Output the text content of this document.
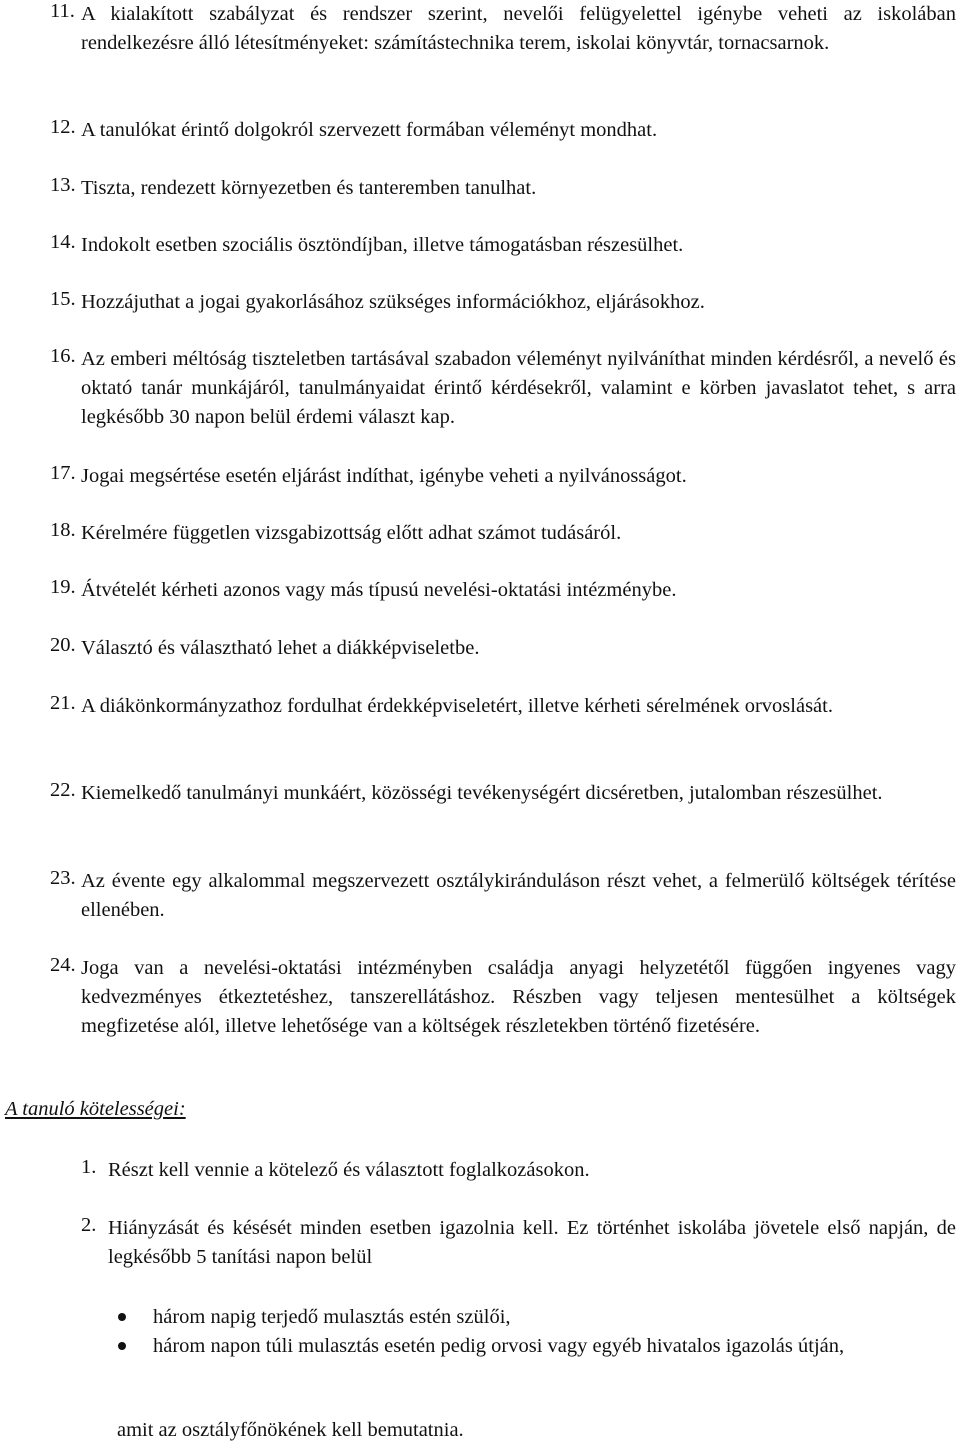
11. A kialakított szabályzat és rendszer szerint, nevelői felügyelettel igénybe veheti az iskolában rendelkezésre álló létesítményeket: számítástechnika terem, iskolai könyvtár, tornacsarnok.
12. A tanulókat érintő dolgokról szervezett formában véleményt mondhat.
13. Tiszta, rendezett környezetben és tanteremben tanulhat.
14. Indokolt esetben szociális ösztöndíjban, illetve támogatásban részesülhet.
15. Hozzájuthat a jogai gyakorlásához szükséges információkhoz, eljárásokhoz.
16. Az emberi méltóság tiszteletben tartásával szabadon véleményt nyilváníthat minden kérdésről, a nevelő és oktató tanár munkájáról, tanulmányaidat érintő kérdésekről, valamint e körben javaslatot tehet, s arra legkésőbb 30 napon belül érdemi választ kap.
17. Jogai megsértése esetén eljárást indíthat, igénybe veheti a nyilvánosságot.
18. Kérelmére független vizsgabizottság előtt adhat számot tudásáról.
19. Átvételét kérheti azonos vagy más típusú nevelési-oktatási intézménybe.
20. Választó és választható lehet a diákképviseletbe.
21. A diákönkormányzathoz fordulhat érdekképviseletért, illetve kérheti sérelmének orvoslását.
22. Kiemelkedő tanulmányi munkáért, közösségi tevékenységért dicséretben, jutalomban részesülhet.
23. Az évente egy alkalommal megszervezett osztálykiránduláson részt vehet, a felmerülő költségek térítése ellenében.
24. Joga van a nevelési-oktatási intézményben családja anyagi helyzetétől függően ingyenes vagy kedvezményes étkeztetéshez, tanszerellátáshoz. Részben vagy teljesen mentesülhet a költségek megfizetése alól, illetve lehetősége van a költségek részletekben történő fizetésére.
A tanuló kötelességei:
1. Részt kell vennie a kötelező és választott foglalkozásokon.
2. Hiányzását és késését minden esetben igazolnia kell. Ez történhet iskolába jövetele első napján, de legkésőbb 5 tanítási napon belül
három napig terjedő mulasztás estén szülői,
három napon túli mulasztás esetén pedig orvosi vagy egyéb hivatalos igazolás útján,
amit az osztályfőnökének kell bemutatnia.
